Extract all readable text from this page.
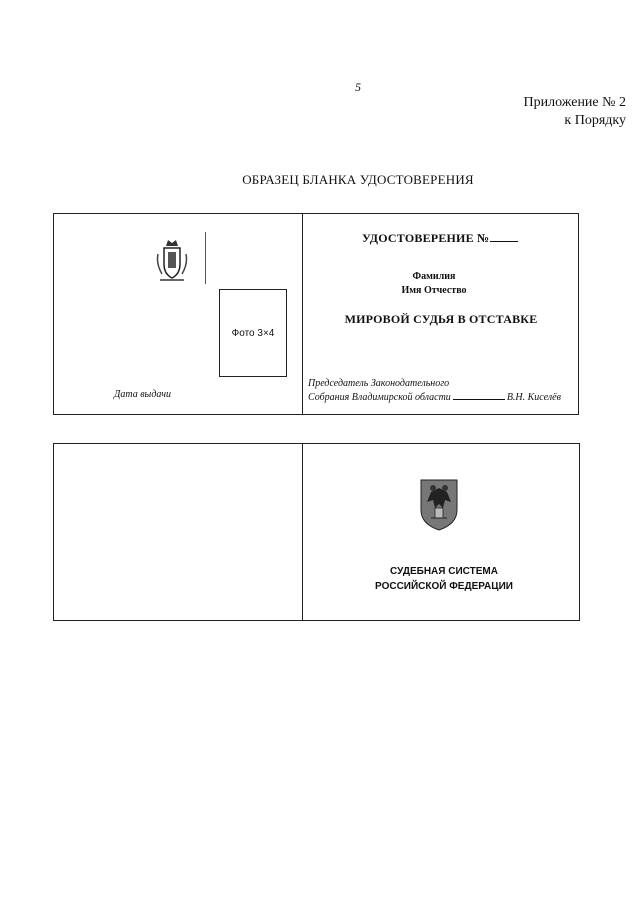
5
Приложение № 2
к Порядку
ОБРАЗЕЦ БЛАНКА УДОСТОВЕРЕНИЯ
Фото 3×4
Дата выдачи
УДОСТОВЕРЕНИЕ №
Фамилия
Имя Отчество
МИРОВОЙ СУДЬЯ В ОТСТАВКЕ
Председатель Законодательного
Собрания Владимирской области	В.Н. Киселёв
СУДЕБНАЯ СИСТЕМА
РОССИЙСКОЙ ФЕДЕРАЦИИ
